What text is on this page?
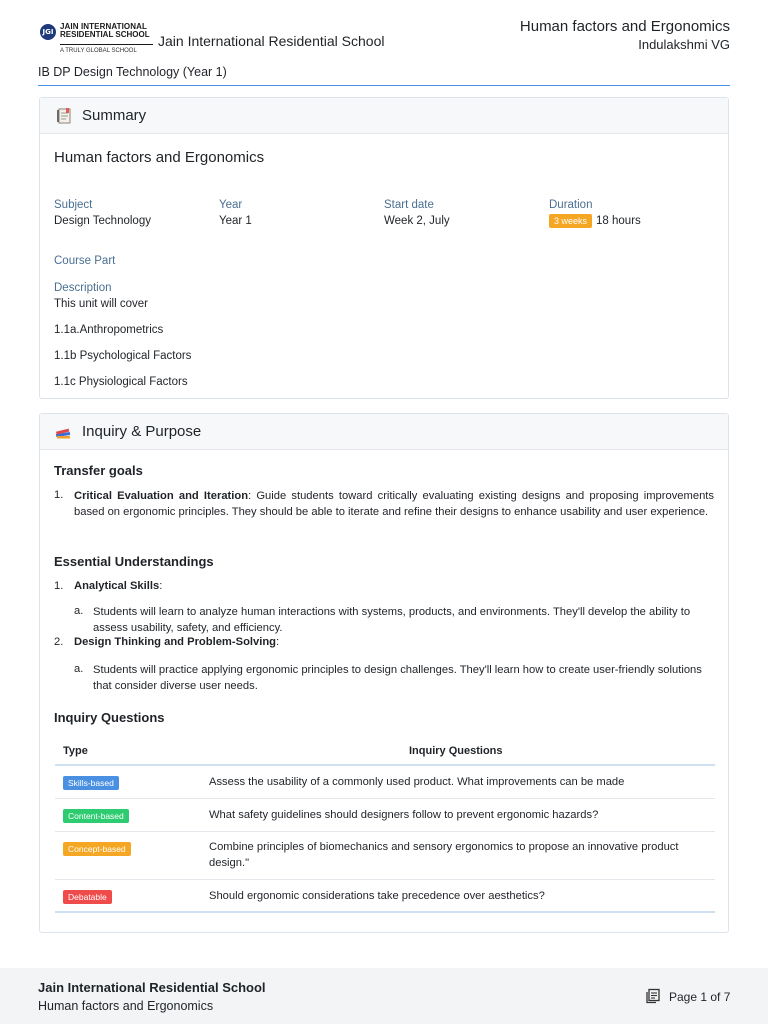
JGI
JAIN INTERNATIONAL
RESIDENTIAL SCHOOL
A TRULY GLOBAL SCHOOL
Jain International Residential School
Human factors and Ergonomics
Indulakshmi VG
IB DP Design Technology (Year 1)
Summary
Human factors and Ergonomics
Subject
Design Technology
Year
Year 1
Start date
Week 2, July
Duration
3 weeks 18 hours
Course Part
Description
This unit will cover
1.1a.Anthropometrics
1.1b Psychological Factors
1.1c Physiological Factors
Inquiry & Purpose
Transfer goals
1. Critical Evaluation and Iteration: Guide students toward critically evaluating existing designs and proposing improvements based on ergonomic principles. They should be able to iterate and refine their designs to enhance usability and user experience.
Essential Understandings
1. Analytical Skills:
a. Students will learn to analyze human interactions with systems, products, and environments. They'll develop the ability to assess usability, safety, and efficiency.
2. Design Thinking and Problem-Solving:
a. Students will practice applying ergonomic principles to design challenges. They'll learn how to create user-friendly solutions that consider diverse user needs.
Inquiry Questions
Type	Inquiry Questions
Skills-based	Assess the usability of a commonly used product. What improvements can be made
Content-based	What safety guidelines should designers follow to prevent ergonomic hazards?
Concept-based	Combine principles of biomechanics and sensory ergonomics to propose an innovative product design."
Debatable	Should ergonomic considerations take precedence over aesthetics?
Jain International Residential School
Human factors and Ergonomics
Page 1 of 7
